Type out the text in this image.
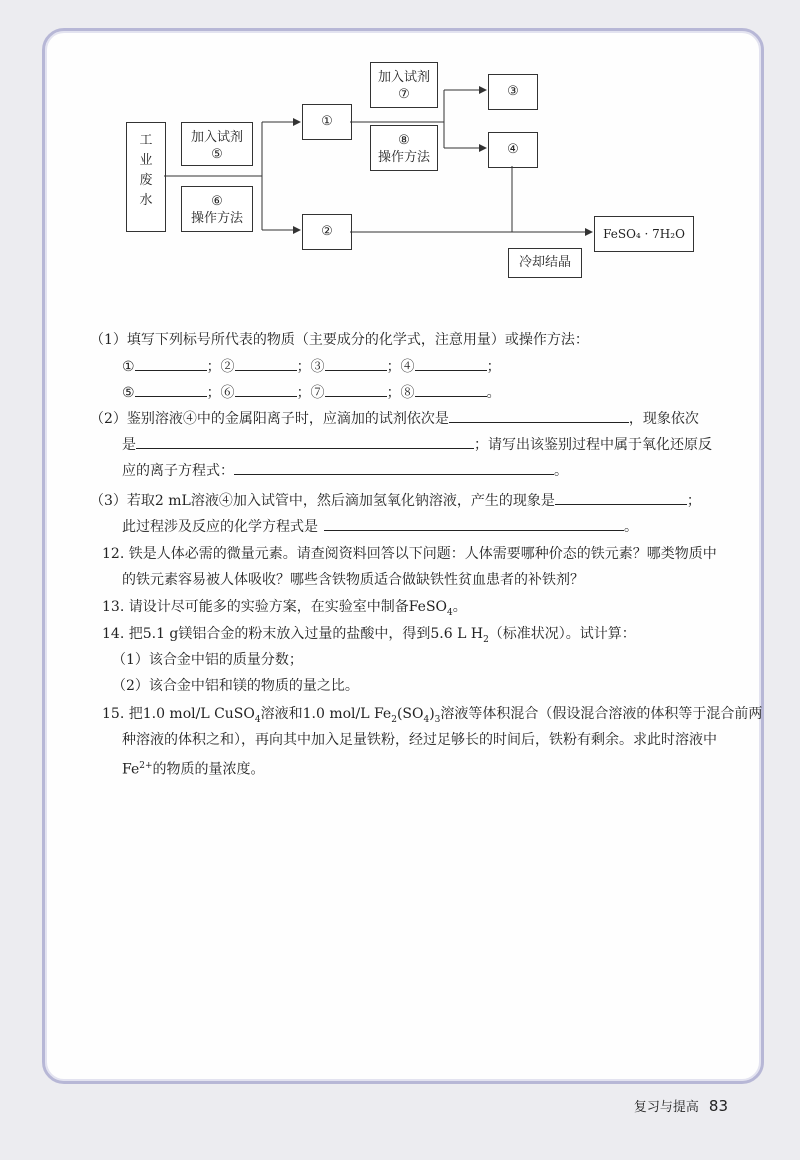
工
业
废
水
加入试剂
⑤
⑥
操作方法
①
②
加入试剂
⑦
⑧
操作方法
③
④
FeSO₄ · 7H₂O
冷却结晶
（1）填写下列标号所代表的物质（主要成分的化学式，注意用量）或操作方法：
①	；②	；③	；④	；
⑤	；⑥	；⑦	；⑧	。
（2）鉴别溶液④中的金属阳离子时，应滴加的试剂依次是	，现象依次
是	；请写出该鉴别过程中属于氧化还原反
应的离子方程式：	。
（3）若取2 mL溶液④加入试管中，然后滴加氢氧化钠溶液，产生的现象是	；
此过程涉及反应的化学方程式是	。
12. 铁是人体必需的微量元素。请查阅资料回答以下问题：人体需要哪种价态的铁元素？哪类物质中
的铁元素容易被人体吸收？哪些含铁物质适合做缺铁性贫血患者的补铁剂？
13. 请设计尽可能多的实验方案，在实验室中制备FeSO$_4$。
14. 把5.1 g镁铝合金的粉末放入过量的盐酸中，得到5.6 L $H_2$（标准状况）。试计算：
（1）该合金中铝的质量分数；
（2）该合金中铝和镁的物质的量之比。
15. 把1.0 mol/L CuSO$_4$溶液和1.0 mol/L $Fe_2(SO_4)_3$溶液等体积混合（假设混合溶液的体积等于混合前两
种溶液的体积之和），再向其中加入足量铁粉，经过足够长的时间后，铁粉有剩余。求此时溶液中
$Fe^{2+}$的物质的量浓度。
复习与提高 83
